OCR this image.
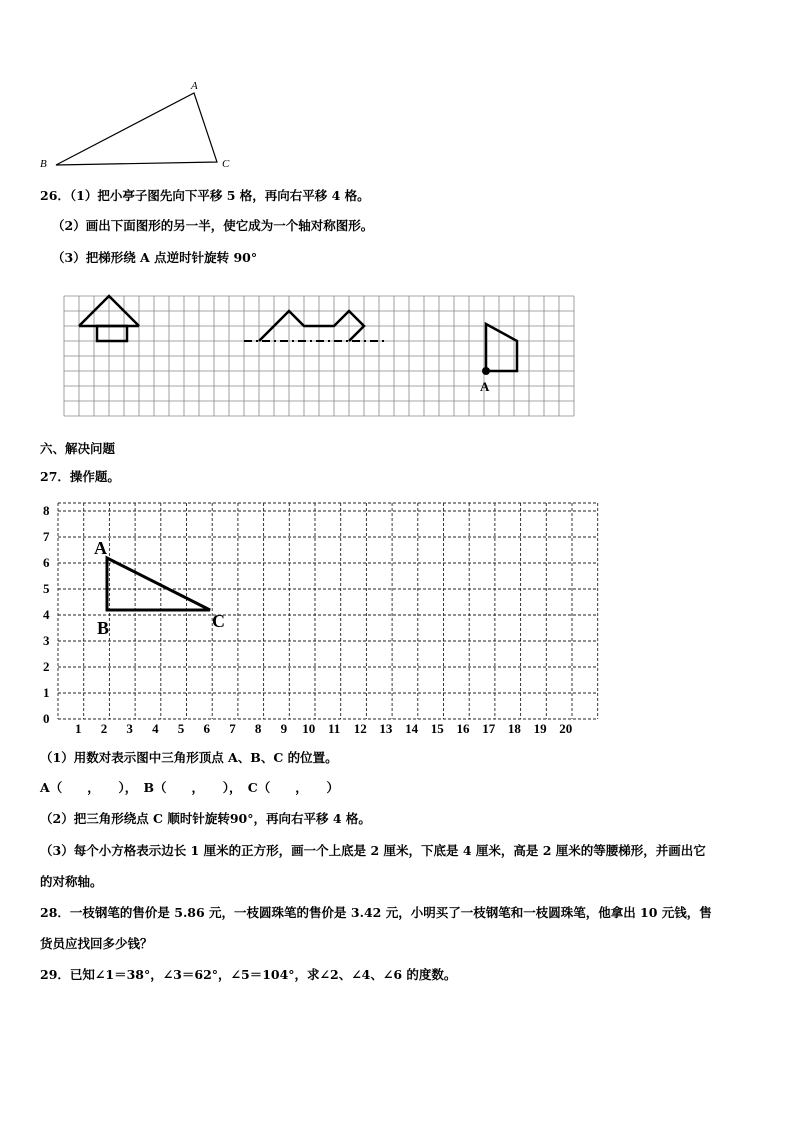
A
B	C
26．（1）把小亭子图先向下平移 5 格，再向右平移 4 格。
（2）画出下面图形的另一半，使它成为一个轴对称图形。
（3）把梯形绕 A 点逆时针旋转 90°
A
六、解决问题
27．操作题。
0
1
2
3
4
5
6
7
8
1 2 3 4 5 6 7 8 9 10 11 12 13 14 15 16 17 18 19 20
A
B	C
（1）用数对表示图中三角形顶点 A、B、C 的位置。
A（　　，　　），　B（　　，　　），　C（　　，　　）
（2）把三角形绕点 C 顺时针旋转90°，再向右平移 4 格。
（3）每个小方格表示边长 1 厘米的正方形，画一个上底是 2 厘米，下底是 4 厘米，高是 2 厘米的等腰梯形，并画出它
的对称轴。
28．一枝钢笔的售价是 5.86 元，一枝圆珠笔的售价是 3.42 元，小明买了一枝钢笔和一枝圆珠笔，他拿出 10 元钱，售
货员应找回多少钱？
29．已知∠1＝38°，∠3＝62°，∠5＝104°，求∠2、∠4、∠6 的度数。
